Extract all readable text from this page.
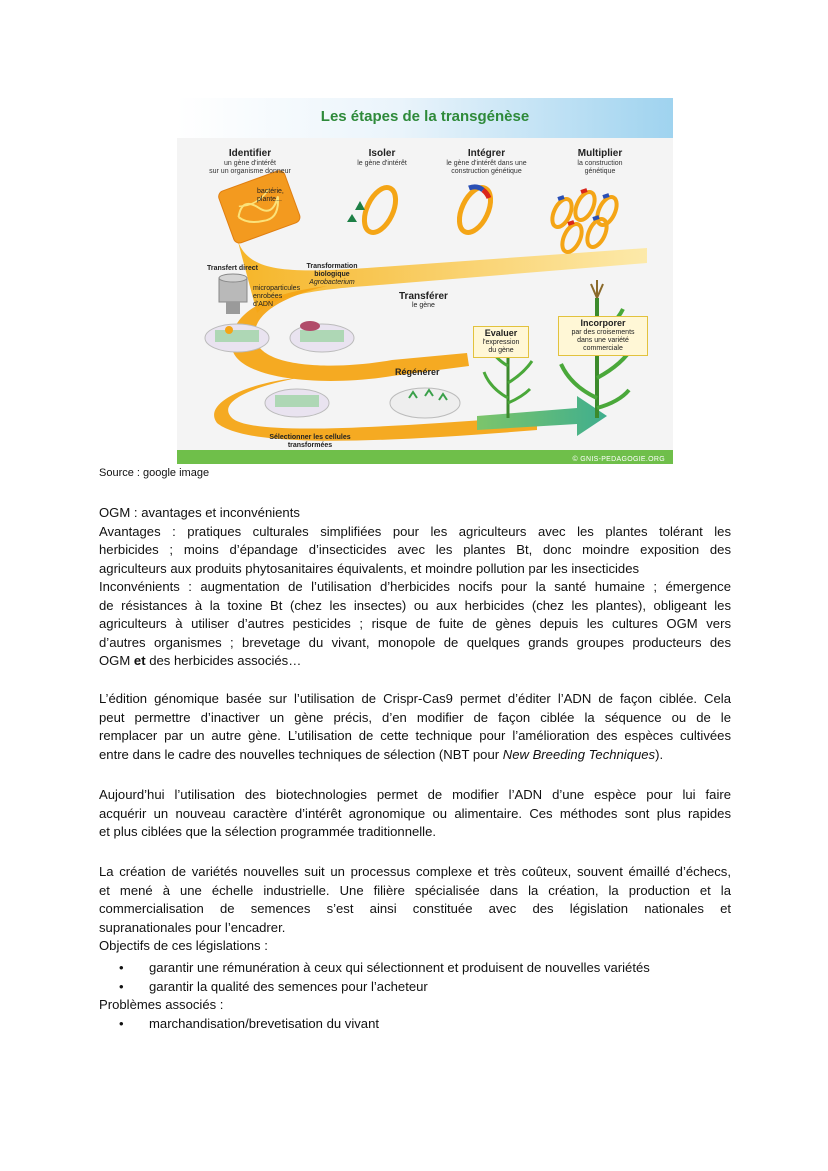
Les étapes de la transgénèse
Identifier
un gène d'intérêt
sur un organisme donneur
Isoler
le gène d'intérêt
Intégrer
le gène d'intérêt dans une
construction génétique
Multiplier
la construction
génétique
bactérie,
plante...
Transfert direct	Transformation
biologique
Agrobacterium
microparticules
enrobées
d'ADN
Transférer
le gène
Evaluer
l'expression
du gène
Incorporer
par des croisements
dans une variété
commerciale
Régénérer
Sélectionner les cellules
transformées
© GNIS-PEDAGOGIE.ORG
Source : google image
OGM : avantages et inconvénients
Avantages : pratiques culturales simplifiées pour les agriculteurs avec les plantes tolérant les
herbicides ; moins d’épandage d’insecticides avec les plantes Bt, donc moindre exposition des
agriculteurs aux produits phytosanitaires équivalents, et moindre pollution par les insecticides
Inconvénients : augmentation de l’utilisation d’herbicides nocifs pour la santé humaine ; émergence
de résistances à la toxine Bt (chez les insectes) ou aux herbicides (chez les plantes), obligeant les
agriculteurs à utiliser d’autres pesticides ; risque de fuite de gènes depuis les cultures OGM vers
d’autres organismes ; brevetage du vivant, monopole de quelques grands groupes producteurs des
OGM et des herbicides associés…
L’édition génomique basée sur l’utilisation de Crispr-Cas9 permet d’éditer l’ADN de façon ciblée. Cela
peut permettre d’inactiver un gène précis, d’en modifier de façon ciblée la séquence ou de le
remplacer par un autre gène. L’utilisation de cette technique pour l’amélioration des espèces cultivées
entre dans le cadre des nouvelles techniques de sélection (NBT pour New Breeding Techniques).
Aujourd’hui l’utilisation des biotechnologies permet de modifier l’ADN d’une espèce pour lui faire
acquérir un nouveau caractère d’intérêt agronomique ou alimentaire. Ces méthodes sont plus rapides
et plus ciblées que la sélection programmée traditionnelle.
La création de variétés nouvelles suit un processus complexe et très coûteux, souvent émaillé d’échecs,
et mené à une échelle industrielle. Une filière spécialisée dans la création, la production et la
commercialisation de semences s’est ainsi constituée avec des législation nationales et
supranationales pour l’encadrer.
Objectifs de ces législations :
• garantir une rémunération à ceux qui sélectionnent et produisent de nouvelles variétés
• garantir la qualité des semences pour l’acheteur
Problèmes associés :
• marchandisation/brevetisation du vivant
